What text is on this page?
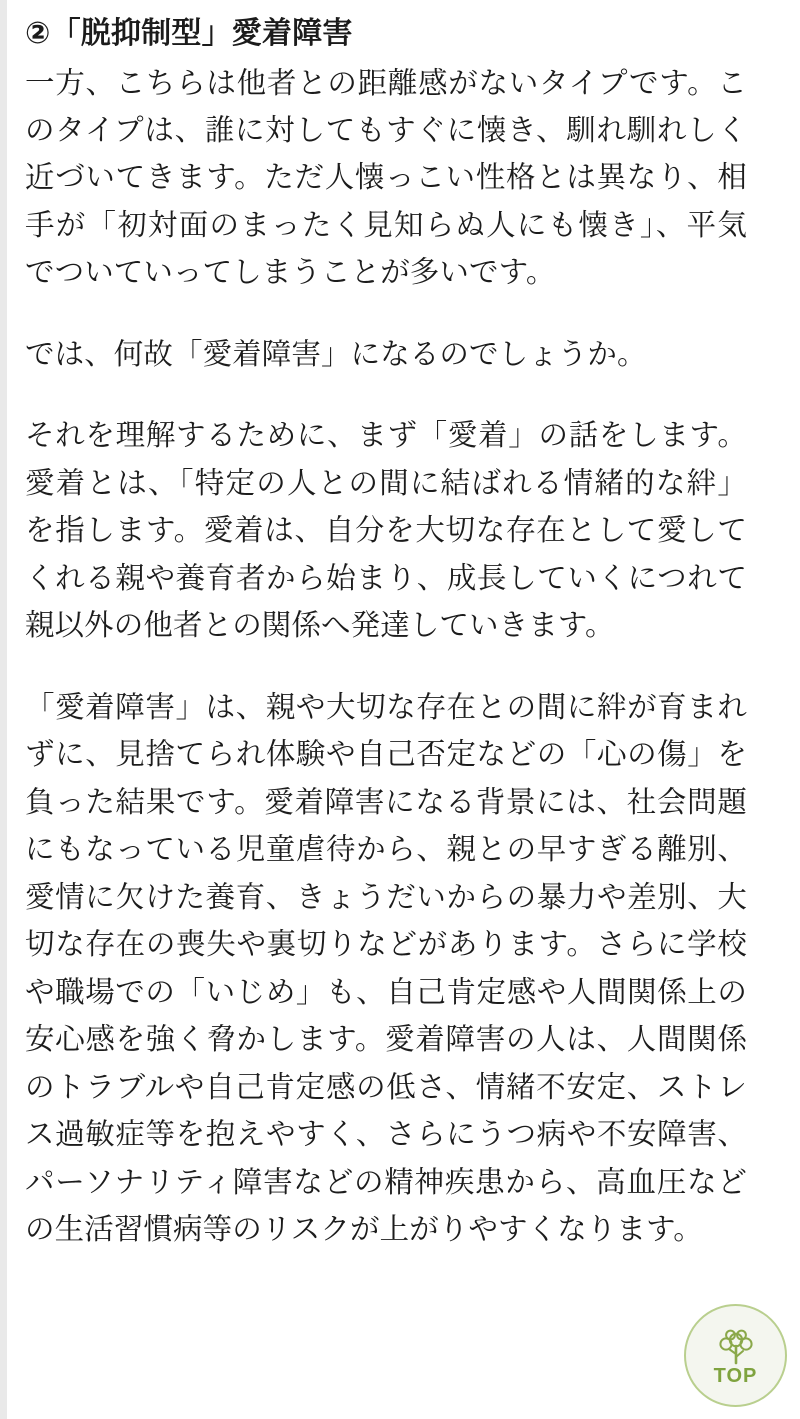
②「脱抑制型」愛着障害

一方、こちらは他者との距離感がないタイプです。このタイプは、誰に対してもすぐに懐き、馴れ馴れしく近づいてきます。ただ人懐っこい性格とは異なり、相手が「初対面のまったく見知らぬ人にも懐き」、平気でついていってしまうことが多いです。

では、何故「愛着障害」になるのでしょうか。

それを理解するために、まず「愛着」の話をします。愛着とは、「特定の人との間に結ばれる情緒的な絆」を指します。愛着は、自分を大切な存在として愛してくれる親や養育者から始まり、成長していくにつれて親以外の他者との関係へ発達していきます。

「愛着障害」は、親や大切な存在との間に絆が育まれずに、見捨てられ体験や自己否定などの「心の傷」を負った結果です。愛着障害になる背景には、社会問題にもなっている児童虐待から、親との早すぎる離別、愛情に欠けた養育、きょうだいからの暴力や差別、大切な存在の喪失や裏切りなどがあります。さらに学校や職場での「いじめ」も、自己肯定感や人間関係上の安心感を強く脅かします。愛着障害の人は、人間関係のトラブルや自己肯定感の低さ、情緒不安定、ストレス過敏症等を抱えやすく、さらにうつ病や不安障害、パーソナリティ障害などの精神疾患から、高血圧などの生活習慣病等のリスクが上がりやすくなります。

TOP
